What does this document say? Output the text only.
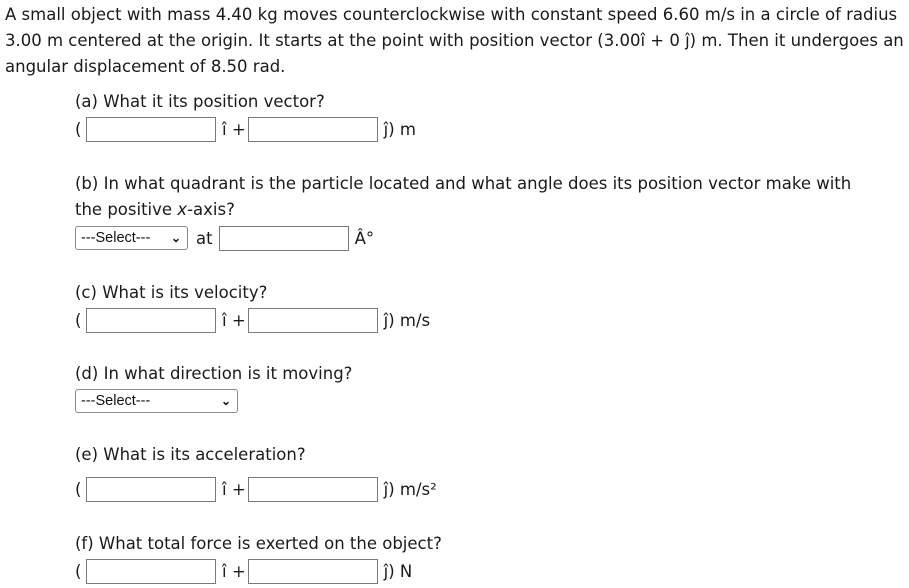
A small object with mass 4.40 kg moves counterclockwise with constant speed 6.60 m/s in a circle of radius 3.00 m centered at the origin. It starts at the point with position vector (3.00î + 0 ĵ) m. Then it undergoes an angular displacement of 8.50 rad.

(a) What it its position vector?

(	î +	ĵ) m

(b) In what quadrant is the particle located and what angle does its position vector make with

the positive x-axis?

---Select--- ⌄ at	Â°

(c) What is its velocity?

(	î +	ĵ) m/s

(d) In what direction is it moving?

---Select---	⌄

(e) What is its acceleration?

(	î +	ĵ) m/s²

(f) What total force is exerted on the object?

(	î +	ĵ) N
